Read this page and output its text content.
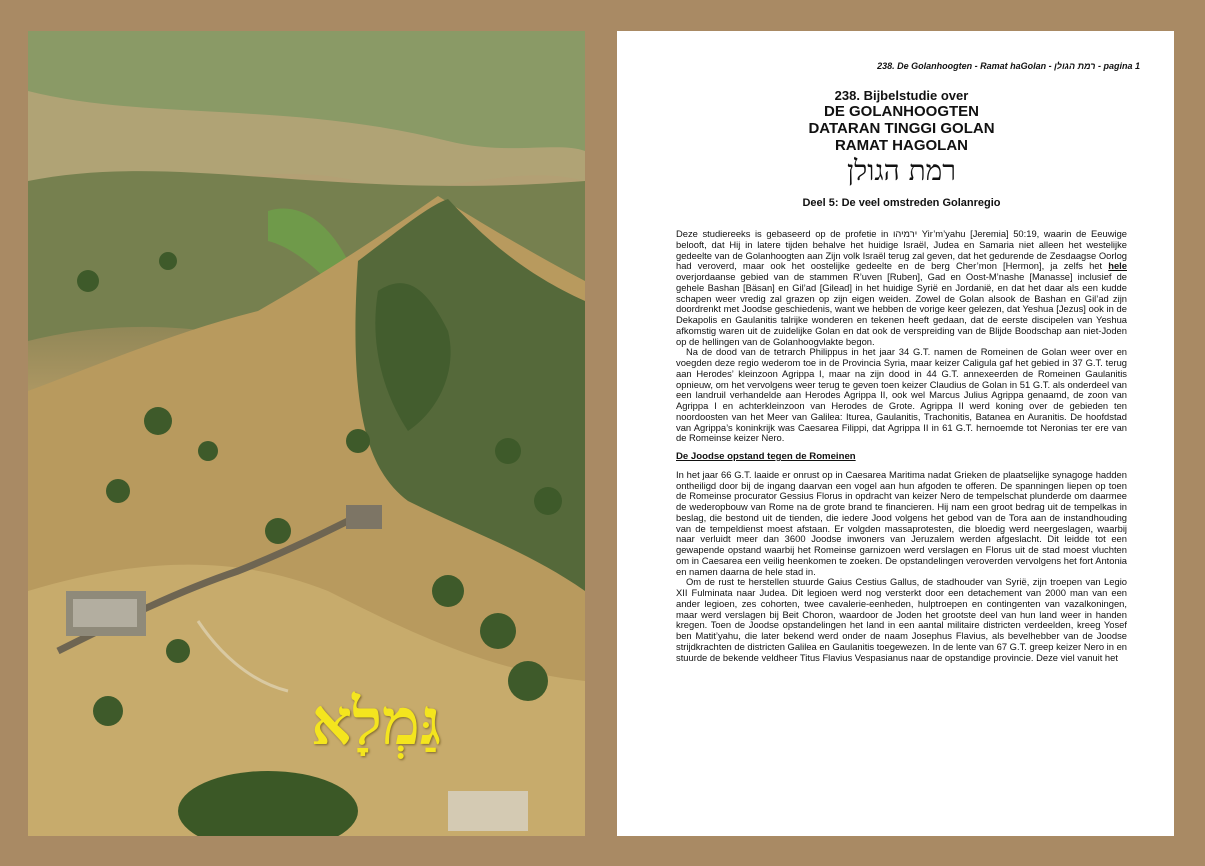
גַּמְלָא
238. De Golanhoogten - Ramat haGolan - רמת הגולן - pagina 1
238. Bijbelstudie over
DE GOLANHOOGTEN
DATARAN TINGGI GOLAN
RAMAT HAGOLAN
רמת הגולן
Deel 5: De veel omstreden Golanregio

Deze studiereeks is gebaseerd op de profetie in ירמיהו Yir’m’yahu [Jeremia] 50:19, waarin de Eeuwige belooft, dat Hij in latere tijden behalve het huidige Israël, Judea en Samaria niet alleen het westelijke gedeelte van de Golanhoogten aan Zijn volk Israël terug zal geven, dat het gedurende de Zesdaagse Oorlog had veroverd, maar ook het oostelijke gedeelte en de berg Cher’mon [Hermon], ja zelfs het hele overjordaanse gebied van de stammen R’uven [Ruben], Gad en Oost-M’nashe [Manasse] inclusief de gehele Bashan [Bäsan] en Gil’ad [Gilead] in het huidige Syrië en Jordanië, en dat het daar als een kudde schapen weer vredig zal grazen op zijn eigen weiden. Zowel de Golan alsook de Bashan en Gil’ad zijn doordrenkt met Joodse geschiedenis, want we hebben de vorige keer gelezen, dat Yeshua [Jezus] ook in de Dekapolis en Gaulanitis talrijke wonderen en tekenen heeft gedaan, dat de eerste discipelen van Yeshua afkomstig waren uit de zuidelijke Golan en dat ook de verspreiding van de Blijde Boodschap aan niet-Joden op de hellingen van de Golanhoogvlakte begon.

Na de dood van de tetrarch Philippus in het jaar 34 G.T. namen de Romeinen de Golan weer over en voegden deze regio wederom toe in de Provincia Syria, maar keizer Caligula gaf het gebied in 37 G.T. terug aan Herodes’ kleinzoon Agrippa I, maar na zijn dood in 44 G.T. annexeerden de Romeinen Gaulanitis opnieuw, om het vervolgens weer terug te geven toen keizer Claudius de Golan in 51 G.T. als onderdeel van een landruil verhandelde aan Herodes Agrippa II, ook wel Marcus Julius Agrippa genaamd, de zoon van Agrippa I en achterkleinzoon van Herodes de Grote. Agrippa II werd koning over de gebieden ten noordoosten van het Meer van Galilea: Iturea, Gaulanitis, Trachonitis, Batanea en Auranitis. De hoofdstad van Agrippa’s koninkrijk was Caesarea Filippi, dat Agrippa II in 61 G.T. hernoemde tot Neronias ter ere van de Romeinse keizer Nero.

De Joodse opstand tegen de Romeinen

In het jaar 66 G.T. laaide er onrust op in Caesarea Maritima nadat Grieken de plaatselijke synagoge hadden ontheiligd door bij de ingang daarvan een vogel aan hun afgoden te offeren. De spanningen liepen op toen de Romeinse procurator Gessius Florus in opdracht van keizer Nero de tempelschat plunderde om daarmee de wederopbouw van Rome na de grote brand te financieren. Hij nam een groot bedrag uit de tempelkas in beslag, die bestond uit de tienden, die iedere Jood volgens het gebod van de Tora aan de instandhouding van de tempeldienst moest afstaan. Er volgden massaprotesten, die bloedig werd neergeslagen, waarbij naar verluidt meer dan 3600 Joodse inwoners van Jeruzalem werden afgeslacht. Dit leidde tot een gewapende opstand waarbij het Romeinse garnizoen werd verslagen en Florus uit de stad moest vluchten om in Caesarea een veilig heenkomen te zoeken. De opstandelingen veroverden vervolgens het fort Antonia en namen daarna de hele stad in.

Om de rust te herstellen stuurde Gaius Cestius Gallus, de stadhouder van Syrië, zijn troepen van Legio XII Fulminata naar Judea. Dit legioen werd nog versterkt door een detachement van 2000 man van een ander legioen, zes cohorten, twee cavalerie-eenheden, hulptroepen en contingenten van vazalkoningen, maar werd verslagen bij Beit Choron, waardoor de Joden het grootste deel van hun land weer in handen kregen. Toen de Joodse opstandelingen het land in een aantal militaire districten verdeelden, kreeg Yosef ben Matit’yahu, die later bekend werd onder de naam Josephus Flavius, als bevelhebber van de Joodse strijdkrachten de districten Galilea en Gaulanitis toegewezen. In de lente van 67 G.T. greep keizer Nero in en stuurde de bekende veldheer Titus Flavius Vespasianus naar de opstandige provincie. Deze viel vanuit het
